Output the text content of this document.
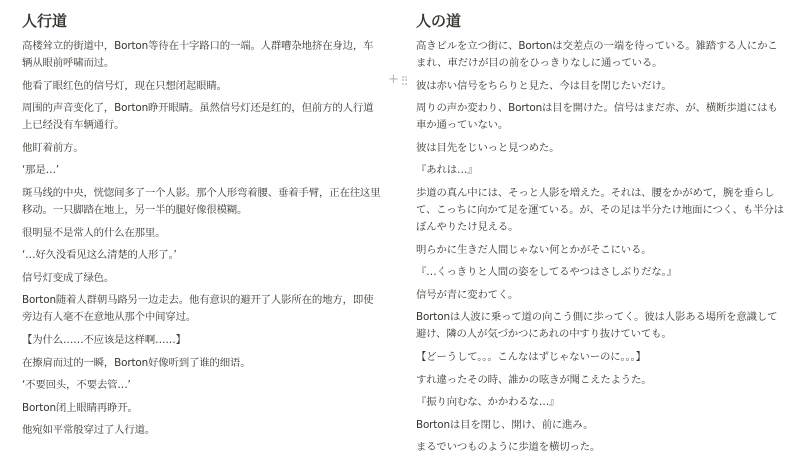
人行道

高楼耸立的街道中，Borton等待在十字路口的一端。人群嘈杂地挤在身边，车辆从眼前呼啸而过。

他看了眼红色的信号灯，现在只想闭起眼睛。

周围的声音变化了，Borton睁开眼睛。虽然信号灯还是红的，但前方的人行道上已经没有车辆通行。

他盯着前方。

‘那是…’

斑马线的中央，恍惚间多了一个人影。那个人形弯着腰、垂着手臂，正在往这里移动。一只脚踏在地上，另一半的腿好像很模糊。

很明显不是常人的什么在那里。

‘…好久没看见这么清楚的人形了。’

信号灯变成了绿色。

Borton随着人群朝马路另一边走去。他有意识的避开了人影所在的地方，即使旁边有人毫不在意地从那个中间穿过。

【为什么……不应该是这样啊……】

在擦肩而过的一瞬，Borton好像听到了谁的细语。

‘不要回头，不要去管…’

Borton闭上眼睛再睁开。

他宛如平常般穿过了人行道。

+
人の道

高きビルを立つ街に、Bortonは交差点の一端を待っている。雑踏する人にかこまれ、車だけが目の前をひっきりなしに通っている。

彼は赤い信号をちらりと見た、今は目を閉じたいだけ。

周りの声か変わり、Bortonは目を開けた。信号はまだ赤、が、横断歩道にはも車か通っていない。

彼は目先をじいっと見つめた。

『あれは…』

歩道の真ん中には、そっと人影を増えた。それは、腰をかがめて，腕を垂らして、こっちに向かて足を運ている。が、その足は半分たけ地面につく、も半分はぼんやりたけ見える。

明らかに生きだ人間じゃない何とかがそこにいる。

『…くっきりと人間の姿をしてるやつはさしぶりだな。』

信号が青に変わてく。

Bortonは人波に乗って道の向こう側に歩ってく。彼は人影ある場所を意識して避け、隣の人が気づかつにあれの中すり抜けていても。

【どーうして。。。こんなはずじゃないーのに。。。】

すれ違ったその時、誰かの呟きが聞こえたようた。

『振り向むな、かかわるな…』

Bortonは目を閉じ、開け、前に進み。

まるでいつものように歩道を横切った。
